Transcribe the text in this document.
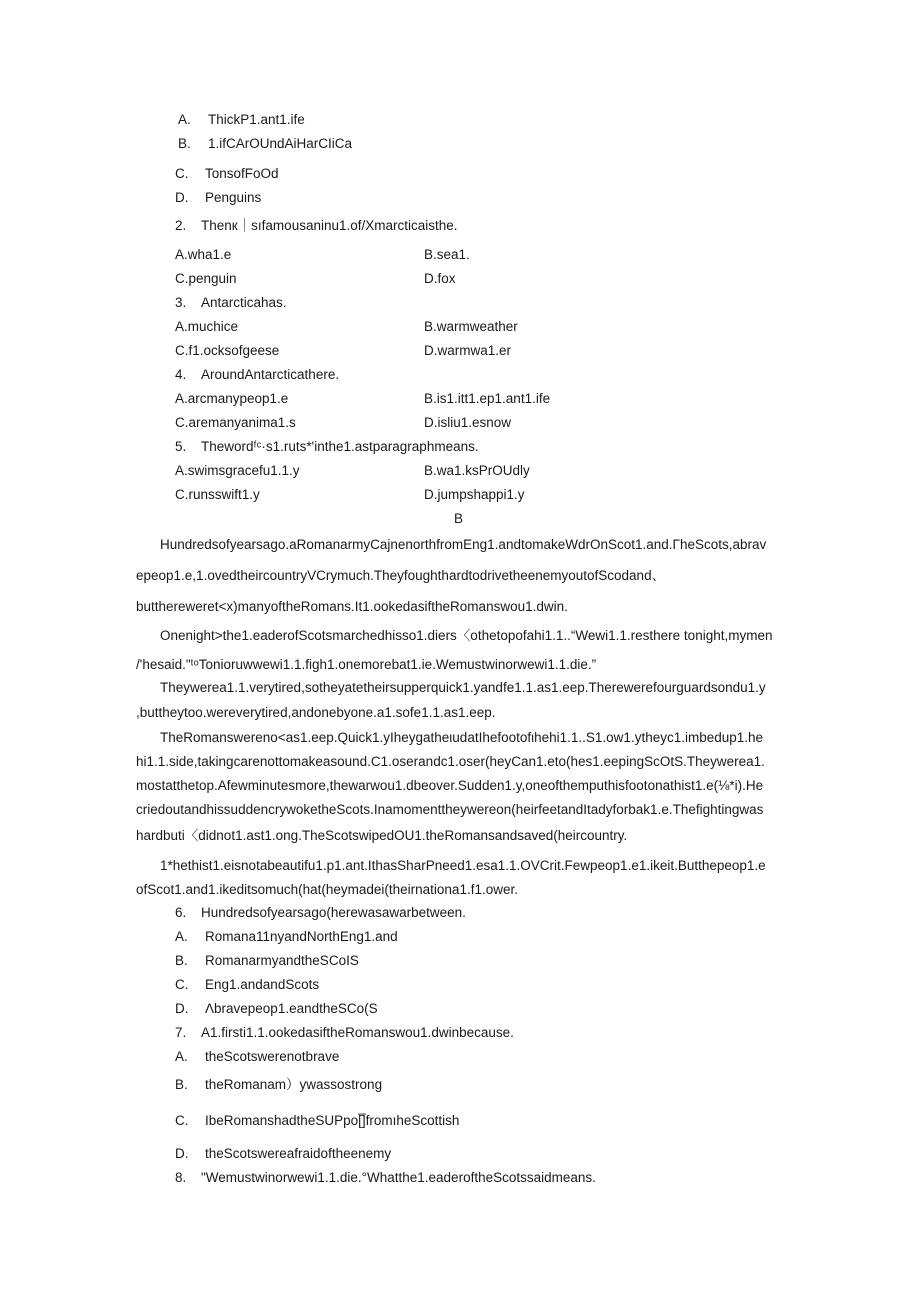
A. ThickP1.ant1.ife
B. 1.ifCArOUndAiHarCIiCa
C. TonsofFoOd
D. Penguins
2. Thenк｜sıfamousaninu1.of/Xmarcticaisthe.
A.wha1.e	B.sea1.
C.penguin	D.fox
3. Antarcticahas.
A.muchice	B.warmweather
C.f1.ocksofgeese	D.warmwa1.er
4. AroundAntarcticathere.
A.arcmanypeop1.e	B.is1.itt1.ep1.ant1.ife
C.aremanyanima1.s	D.isliu1.esnow
5. Thewordᶠᶜ·s1.ruts*'inthe1.astparagraphmeans.
A.swimsgracefu1.1.y	B.wa1.ksPrOUdly
C.runsswift1.y	D.jumpshappi1.y
B
Hundredsofyearsago.aRomanarmyCajnenorthfromEng1.andtomakeWdrOnScot1.and.ΓheScots,abrav
epeop1.e,1.ovedtheircountryVCrymuch.TheyfoughthardtodrivetheenemyoutofScodand、
butthereweret<x)manyoftheRomans.It1.ookedasiftheRomanswou1.dwin.
Onenight>the1.eaderofScotsmarchedhisso1.diers〈othetopofahi1.1..“Wewi1.1.resthere tonight,mymen
/'hesaid."ᵗᵒTonioruwwewi1.1.figh1.onemorebat1.ie.Wemustwinorwewi1.1.die.”
Theywerea1.1.verytired,sotheyatetheirsupperquick1.yandfe1.1.as1.eep.Therewerefourguardsondu1.y
,buttheytoo.wereverytired,andonebyone.a1.sofe1.1.as1.eep.
TheRomanswereno<as1.eep.Quick1.yIheygatheιudatIhefootofιhehi1.1..S1.ow1.ytheyc1.imbedup1.he
hi1.1.side,takingcarenottomakeasound.C1.oserandc1.oser(heyCan1.eto(hes1.eepingScOtS.Theywerea1.
mostatthetop.Afewminutesmore,thewarwou1.dbeover.Sudden1.y,oneofthemputhisfootonathist1.e(⅛*i).He
criedoutandhissuddencrywoketheScots.Inamomenttheywereon(heirfeetandItadyforbak1.e.Thefightingwas
hardbuti〈didnot1.ast1.ong.TheScotswipedOU1.theRomansandsaved(heircountry.
1*hethist1.eisnotabeautifu1.p1.ant.IthasSharPneed1.esa1.1.OVCrit.Fewpeop1.e1.ikeit.Butthepeop1.e
ofScot1.and1.ikeditsomuch(hat(heymadei(theirnationa1.f1.ower.
6. Hundredsofyearsago(herewasawarbetween.
A. Romana11nyandNorthEng1.and
B. RomanarmyandtheSCoIS
C. Eng1.andandScots
D. Λbravepeop1.eandtheSCo(S
7. A1.firsti1.1.ookedasiftheRomanswou1.dwinbecause.
A. theScotswerenotbrave
B. theRomanam）ywassostrong
C. IbeRomanshadtheSUPpo[̅]fromıheScottish
D. theScotswereafraidoftheenemy
8. "Wemustwinorwewi1.1.die.°Whatthe1.eaderoftheScotssaidmeans.
